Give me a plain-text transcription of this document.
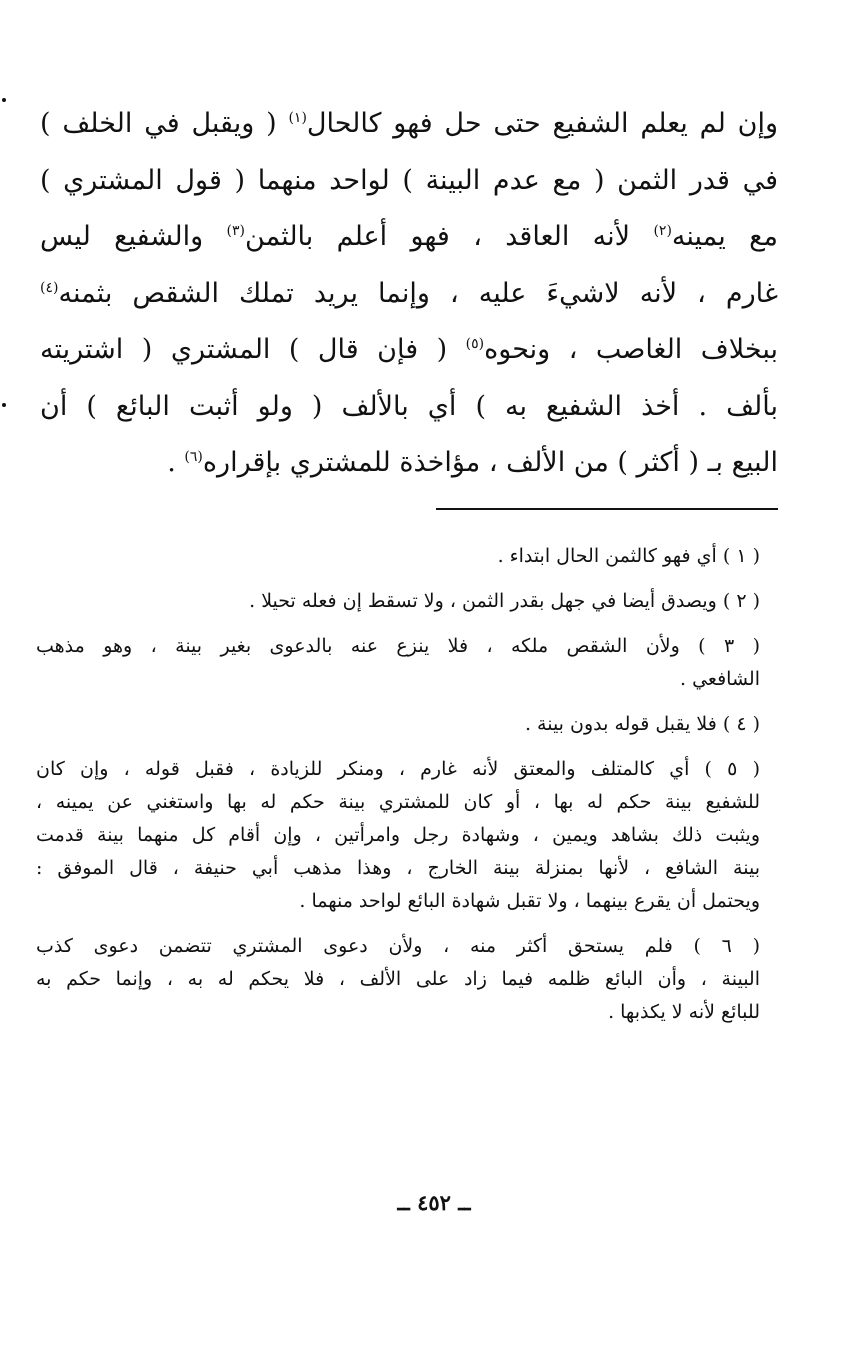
وإن لم يعلم الشفيع حتى حل فهو كالحال$^{(١)}$ ( ويقبل في الخلف )
في قدر الثمن ( مع عدم البينة ) لواحد منهما ( قول المشتري )
مع يمينه$^{(٢)}$ لأنه العاقد ، فهو أعلم بالثمن$^{(٣)}$ والشفيع ليس
غارم ، لأنه لاشيءَ عليه ، وإنما يريد تملك الشقص بثمنه$^{(٤)}$
ببخلاف الغاصب ، ونحوه$^{(٥)}$ ( فإن قال ) المشتري ( اشتريته
بألف . أخذ الشفيع به ) أي بالألف ( ولو أثبت البائع ) أن
البيع بـ ( أكثر ) من الألف ، مؤاخذة للمشتري بإقراره$^{(٦)}$ .
( ١ ) أي فهو كالثمن الحال ابتداء .
( ٢ ) ويصدق أيضا في جهل بقدر الثمن ، ولا تسقط إن فعله تحيلا .
( ٣ ) ولأن الشقص ملكه ، فلا ينزع عنه بالدعوى بغير بينة ، وهو مذهب
الشافعي .
( ٤ ) فلا يقبل قوله بدون بينة .
( ٥ ) أي كالمتلف والمعتق لأنه غارم ، ومنكر للزيادة ، فقبل قوله ، وإن كان
للشفيع بينة حكم له بها ، أو كان للمشتري بينة حكم له بها واستغني عن يمينه ،
ويثبت ذلك بشاهد ويمين ، وشهادة رجل وامرأتين ، وإن أقام كل منهما بينة قدمت
بينة الشافع ، لأنها بمنزلة بينة الخارج ، وهذا مذهب أبي حنيفة ، قال الموفق :
ويحتمل أن يقرع بينهما ، ولا تقبل شهادة البائع لواحد منهما .
( ٦ ) فلم يستحق أكثر منه ، ولأن دعوى المشتري تتضمن دعوى كذب
البينة ، وأن البائع ظلمه فيما زاد على الألف ، فلا يحكم له به ، وإنما حكم به
للبائع لأنه لا يكذبها .
ــ ٤٥٢ ــ
